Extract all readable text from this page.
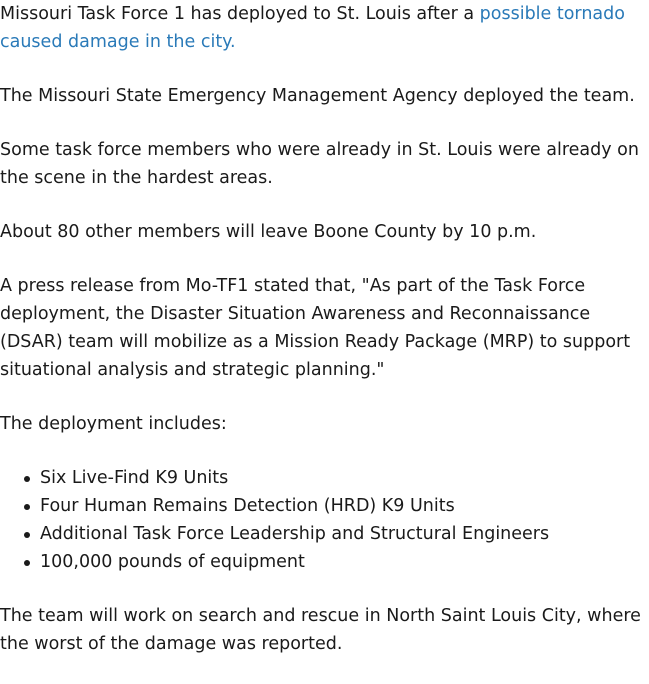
Missouri Task Force 1 has deployed to St. Louis after a possible tornado caused damage in the city.

The Missouri State Emergency Management Agency deployed the team.

Some task force members who were already in St. Louis were already on the scene in the hardest areas.

About 80 other members will leave Boone County by 10 p.m.

A press release from Mo-TF1 stated that, "As part of the Task Force deployment, the Disaster Situation Awareness and Reconnaissance (DSAR) team will mobilize as a Mission Ready Package (MRP) to support situational analysis and strategic planning."

The deployment includes:

Six Live-Find K9 Units
Four Human Remains Detection (HRD) K9 Units
Additional Task Force Leadership and Structural Engineers
100,000 pounds of equipment

The team will work on search and rescue in North Saint Louis City, where the worst of the damage was reported.
